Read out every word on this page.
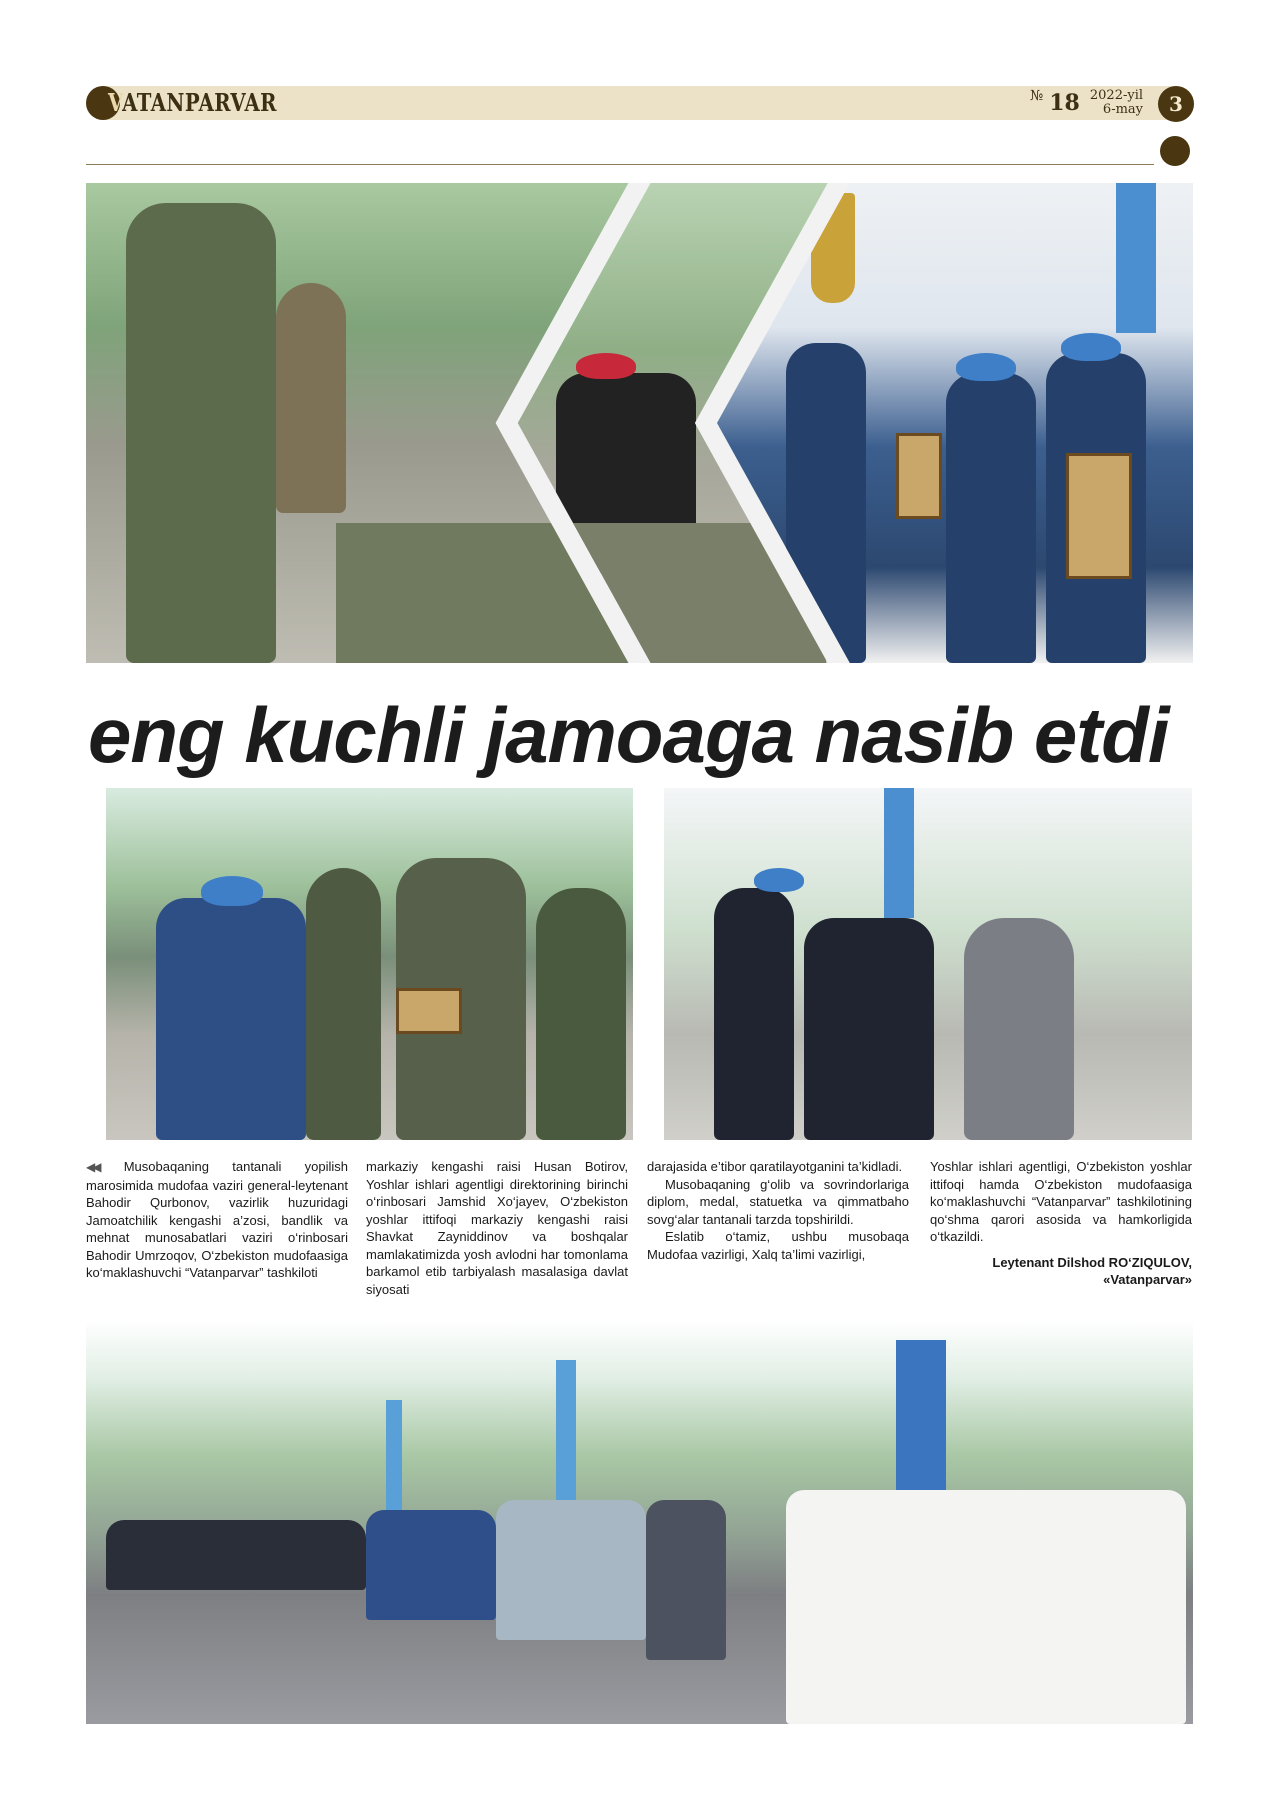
VATANPARVAR	№ 18 2022-yil
6-may	3
eng kuchli jamoaga nasib etdi

◀◀ Musobaqaning tantanali yopilish marosimida mudofaa vaziri general-leytenant Bahodir Qurbonov, vazirlik huzuridagi Jamoatchilik kengashi a’zosi, bandlik va mehnat munosabatlari vaziri o‘rinbosari Bahodir Umrzoqov, O‘zbekiston mudofaasiga ko‘maklashuvchi “Vatanparvar” tashkiloti

markaziy kengashi raisi Husan Botirov, Yoshlar ishlari agentligi direktorining birinchi o‘rinbosari Jamshid Xo‘jayev, O‘zbekiston yoshlar ittifoqi markaziy kengashi raisi Shavkat Zayniddinov va boshqalar mamlakatimizda yosh avlodni har tomonlama barkamol etib tarbiyalash masalasiga davlat siyosati

darajasida e’tibor qaratilayotganini ta’kidladi.

Musobaqaning g‘olib va sovrindorlariga diplom, medal, statuetka va qimmatbaho sovg‘alar tantanali tarzda topshirildi.

Eslatib o‘tamiz, ushbu musobaqa Mudofaa vazirligi, Xalq ta’limi vazirligi,

Yoshlar ishlari agentligi, O‘zbekiston yoshlar ittifoqi hamda O‘zbekiston mudofaasiga ko‘maklashuvchi “Vatanparvar” tashkilotining qo‘shma qarori asosida va hamkorligida o‘tkazildi.

Leytenant Dilshod RO‘ZIQULOV,
«Vatanparvar»
